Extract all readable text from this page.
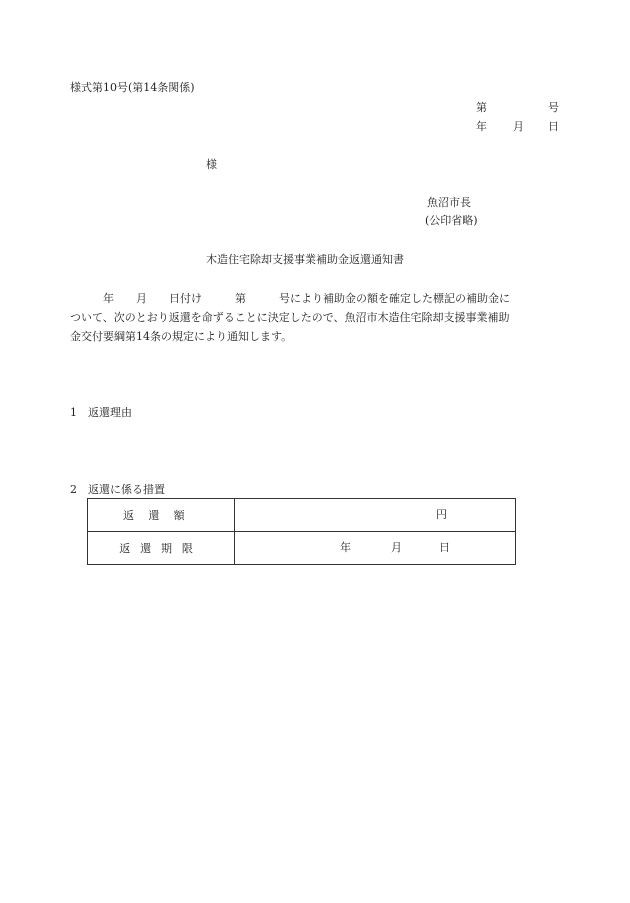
様式第10号(第14条関係)
第	号
年 月 日
様
魚沼市長
(公印省略)
木造住宅除却支援事業補助金返還通知書
　　　年　　月　　日付け　　　第　　　号により補助金の額を確定した標記の補助金に
ついて、次のとおり返還を命ずることに決定したので、魚沼市木造住宅除却支援事業補助
金交付要綱第14条の規定により通知します。
1　返還理由
2　返還に係る措置
返還額	円

返還期限	年 月 日
